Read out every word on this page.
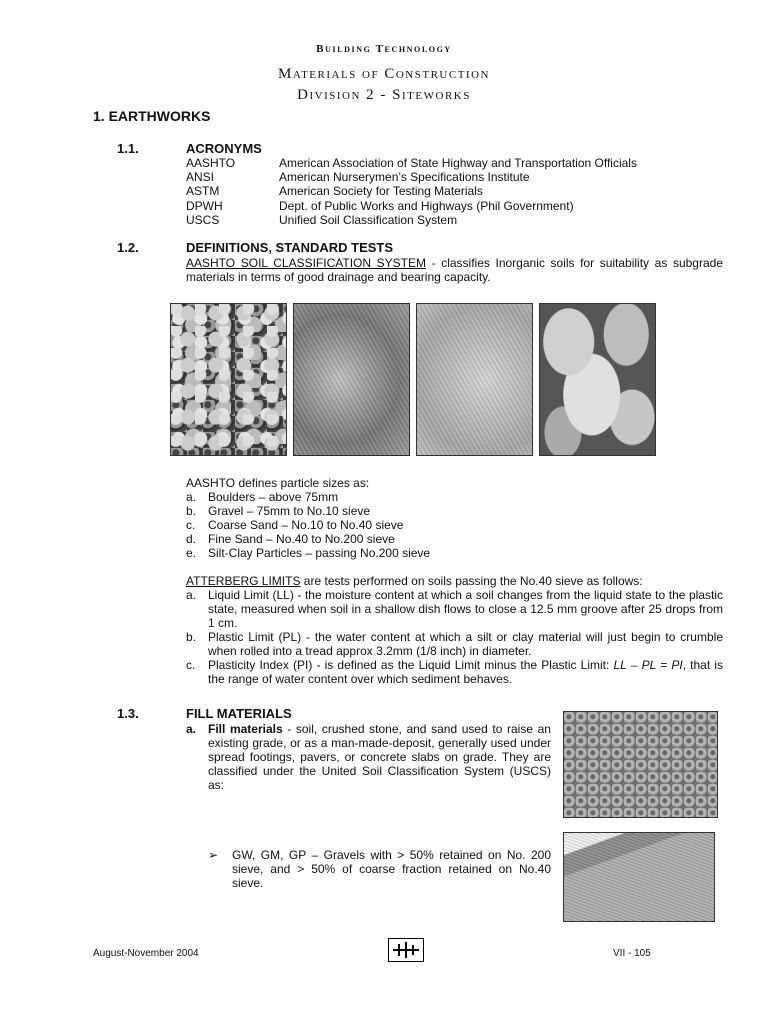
Building Technology
Materials of Construction
Division 2 - Siteworks
1. EARTHWORKS
1.1.	ACRONYMS
AASHTO	American Association of State Highway and Transportation Officials
ANSI	American Nurserymen’s Specifications Institute
ASTM	American Society for Testing Materials
DPWH	Dept. of Public Works and Highways (Phil Government)
USCS	Unified Soil Classification System
1.2.	DEFINITIONS, STANDARD TESTS
AASHTO SOIL CLASSIFICATION SYSTEM - classifies Inorganic soils for suitability as subgrade materials in terms of good drainage and bearing capacity.
AASHTO defines particle sizes as:
a. Boulders – above 75mm
b. Gravel – 75mm to No.10 sieve
c.	Coarse Sand – No.10 to No.40 sieve
d. Fine Sand – No.40 to No.200 sieve
e. Silt-Clay Particles – passing No.200 sieve
ATTERBERG LIMITS are tests performed on soils passing the No.40 sieve as follows:
a. Liquid Limit (LL) - the moisture content at which a soil changes from the liquid state to the plastic state, measured when soil in a shallow dish flows to close a 12.5 mm groove after 25 drops from 1 cm.
b. Plastic Limit (PL) - the water content at which a silt or clay material will just begin to crumble when rolled into a tread approx 3.2mm (1/8 inch) in diameter.
c.	Plasticity Index (PI) - is defined as the Liquid Limit minus the Plastic Limit: LL – PL = PI, that is the range of water content over which sediment behaves.
1.3.	FILL MATERIALS
a. Fill materials - soil, crushed stone, and sand used to raise an existing grade, or as a man-made-deposit, generally used under spread footings, pavers, or concrete slabs on grade. They are classified under the United Soil Classification System (USCS) as:
➢	GW, GM, GP – Gravels with > 50% retained on No. 200 sieve, and > 50% of coarse fraction retained on No.40 sieve.
August-November 2004	VII - 105
